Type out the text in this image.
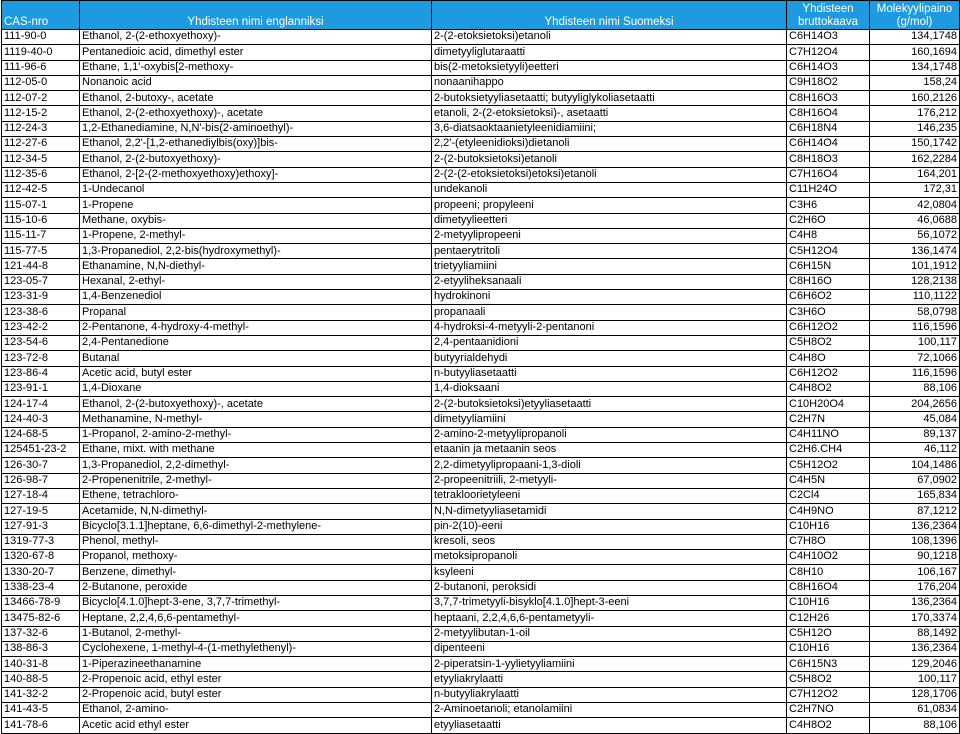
CAS-nro	Yhdisteen nimi englanniksi	Yhdisteen nimi Suomeksi	Yhdisteen bruttokaava	Molekyylipaino (g/mol)
111-90-0	Ethanol, 2-(2-ethoxyethoxy)-	2-(2-etoksietoksi)etanoli	C6H14O3	134,1748
1119-40-0	Pentanedioic acid, dimethyl ester	dimetyyliglutaraatti	C7H12O4	160,1694
111-96-6	Ethane, 1,1'-oxybis[2-methoxy-	bis(2-metoksietyyli)eetteri	C6H14O3	134,1748
112-05-0	Nonanoic acid	nonaanihappo	C9H18O2	158,24
112-07-2	Ethanol, 2-butoxy-, acetate	2-butoksietyyliasetaatti; butyyliglykoliasetaatti	C8H16O3	160,2126
112-15-2	Ethanol, 2-(2-ethoxyethoxy)-, acetate	etanoli, 2-(2-etoksietoksi)-, asetaatti	C8H16O4	176,212
112-24-3	1,2-Ethanediamine, N,N'-bis(2-aminoethyl)-	3,6-diatsaoktaanietyleenidiamiini;	C6H18N4	146,235
112-27-6	Ethanol, 2,2'-[1,2-ethanediylbis(oxy)]bis-	2,2'-(etyleenidioksi)dietanoli	C6H14O4	150,1742
112-34-5	Ethanol, 2-(2-butoxyethoxy)-	2-(2-butoksietoksi)etanoli	C8H18O3	162,2284
112-35-6	Ethanol, 2-[2-(2-methoxyethoxy)ethoxy]-	2-(2-(2-etoksietoksi)etoksi)etanoli	C7H16O4	164,201
112-42-5	1-Undecanol	undekanoli	C11H24O	172,31
115-07-1	1-Propene	propeeni; propyleeni	C3H6	42,0804
115-10-6	Methane, oxybis-	dimetyylieetteri	C2H6O	46,0688
115-11-7	1-Propene, 2-methyl-	2-metyylipropeeni	C4H8	56,1072
115-77-5	1,3-Propanediol, 2,2-bis(hydroxymethyl)-	pentaerytritoli	C5H12O4	136,1474
121-44-8	Ethanamine, N,N-diethyl-	trietyyliamiini	C6H15N	101,1912
123-05-7	Hexanal, 2-ethyl-	2-etyyliheksanaali	C8H16O	128,2138
123-31-9	1,4-Benzenediol	hydrokinoni	C6H6O2	110,1122
123-38-6	Propanal	propanaali	C3H6O	58,0798
123-42-2	2-Pentanone, 4-hydroxy-4-methyl-	4-hydroksi-4-metyyli-2-pentanoni	C6H12O2	116,1596
123-54-6	2,4-Pentanedione	2,4-pentaanidioni	C5H8O2	100,117
123-72-8	Butanal	butyyrialdehydi	C4H8O	72,1066
123-86-4	Acetic acid, butyl ester	n-butyyliasetaatti	C6H12O2	116,1596
123-91-1	1,4-Dioxane	1,4-dioksaani	C4H8O2	88,106
124-17-4	Ethanol, 2-(2-butoxyethoxy)-, acetate	2-(2-butoksietoksi)etyyliasetaatti	C10H20O4	204,2656
124-40-3	Methanamine, N-methyl-	dimetyyliamiini	C2H7N	45,084
124-68-5	1-Propanol, 2-amino-2-methyl-	2-amino-2-metyylipropanoli	C4H11NO	89,137
125451-23-2	Ethane, mixt. with methane	etaanin ja metaanin seos	C2H6.CH4	46,112
126-30-7	1,3-Propanediol, 2,2-dimethyl-	2,2-dimetyylipropaani-1,3-dioli	C5H12O2	104,1486
126-98-7	2-Propenenitrile, 2-methyl-	2-propeenitriili, 2-metyyli-	C4H5N	67,0902
127-18-4	Ethene, tetrachloro-	tetrakloorietyleeni	C2Cl4	165,834
127-19-5	Acetamide, N,N-dimethyl-	N,N-dimetyyliasetamidi	C4H9NO	87,1212
127-91-3	Bicyclo[3.1.1]heptane, 6,6-dimethyl-2-methylene-	pin-2(10)-eeni	C10H16	136,2364
1319-77-3	Phenol, methyl-	kresoli, seos	C7H8O	108,1396
1320-67-8	Propanol, methoxy-	metoksipropanoli	C4H10O2	90,1218
1330-20-7	Benzene, dimethyl-	ksyleeni	C8H10	106,167
1338-23-4	2-Butanone, peroxide	2-butanoni, peroksidi	C8H16O4	176,204
13466-78-9	Bicyclo[4.1.0]hept-3-ene, 3,7,7-trimethyl-	3,7,7-trimetyyli-bisyklo[4.1.0]hept-3-eeni	C10H16	136,2364
13475-82-6	Heptane, 2,2,4,6,6-pentamethyl-	heptaani, 2,2,4,6,6-pentametyyli-	C12H26	170,3374
137-32-6	1-Butanol, 2-methyl-	2-metyylibutan-1-oil	C5H12O	88,1492
138-86-3	Cyclohexene, 1-methyl-4-(1-methylethenyl)-	dipenteeni	C10H16	136,2364
140-31-8	1-Piperazineethanamine	2-piperatsin-1-yylietyyliamiini	C6H15N3	129,2046
140-88-5	2-Propenoic acid, ethyl ester	etyyliakrylaatti	C5H8O2	100,117
141-32-2	2-Propenoic acid, butyl ester	n-butyyliakrylaatti	C7H12O2	128,1706
141-43-5	Ethanol, 2-amino-	2-Aminoetanoli; etanolamiini	C2H7NO	61,0834
141-78-6	Acetic acid ethyl ester	etyyliasetaatti	C4H8O2	88,106
